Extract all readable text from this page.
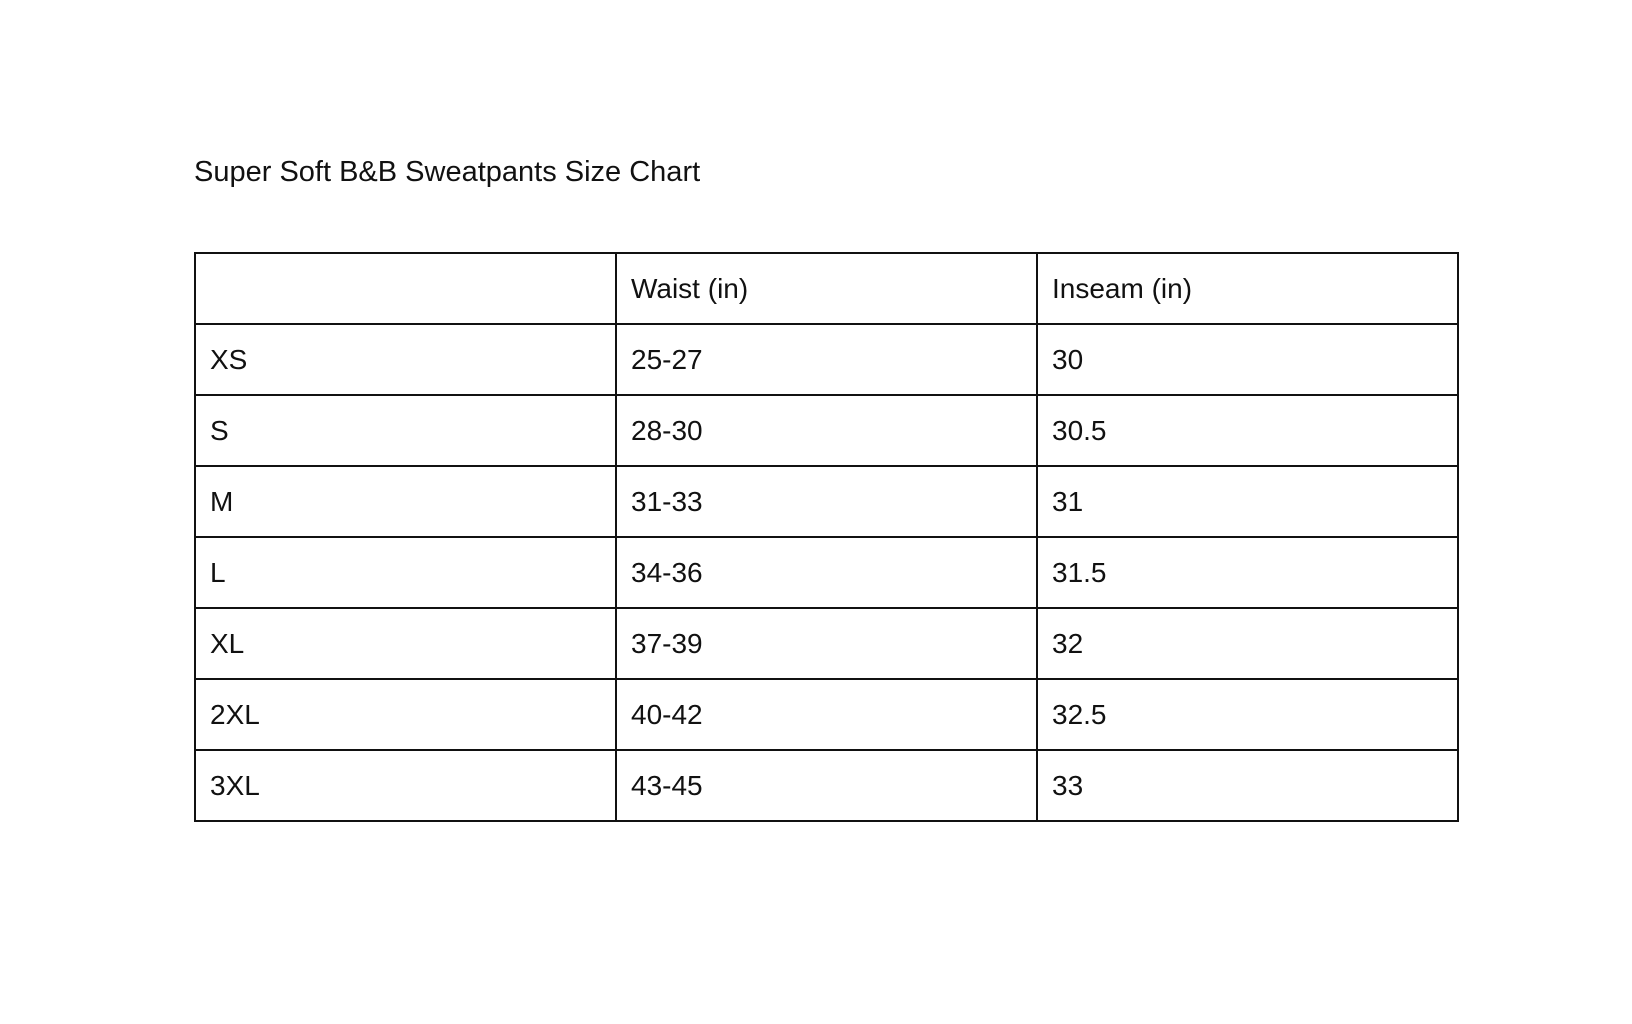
Super Soft B&B Sweatpants Size Chart
	Waist (in)	Inseam (in)
XS	25-27	30
S	28-30	30.5
M	31-33	31
L	34-36	31.5
XL	37-39	32
2XL	40-42	32.5
3XL	43-45	33
